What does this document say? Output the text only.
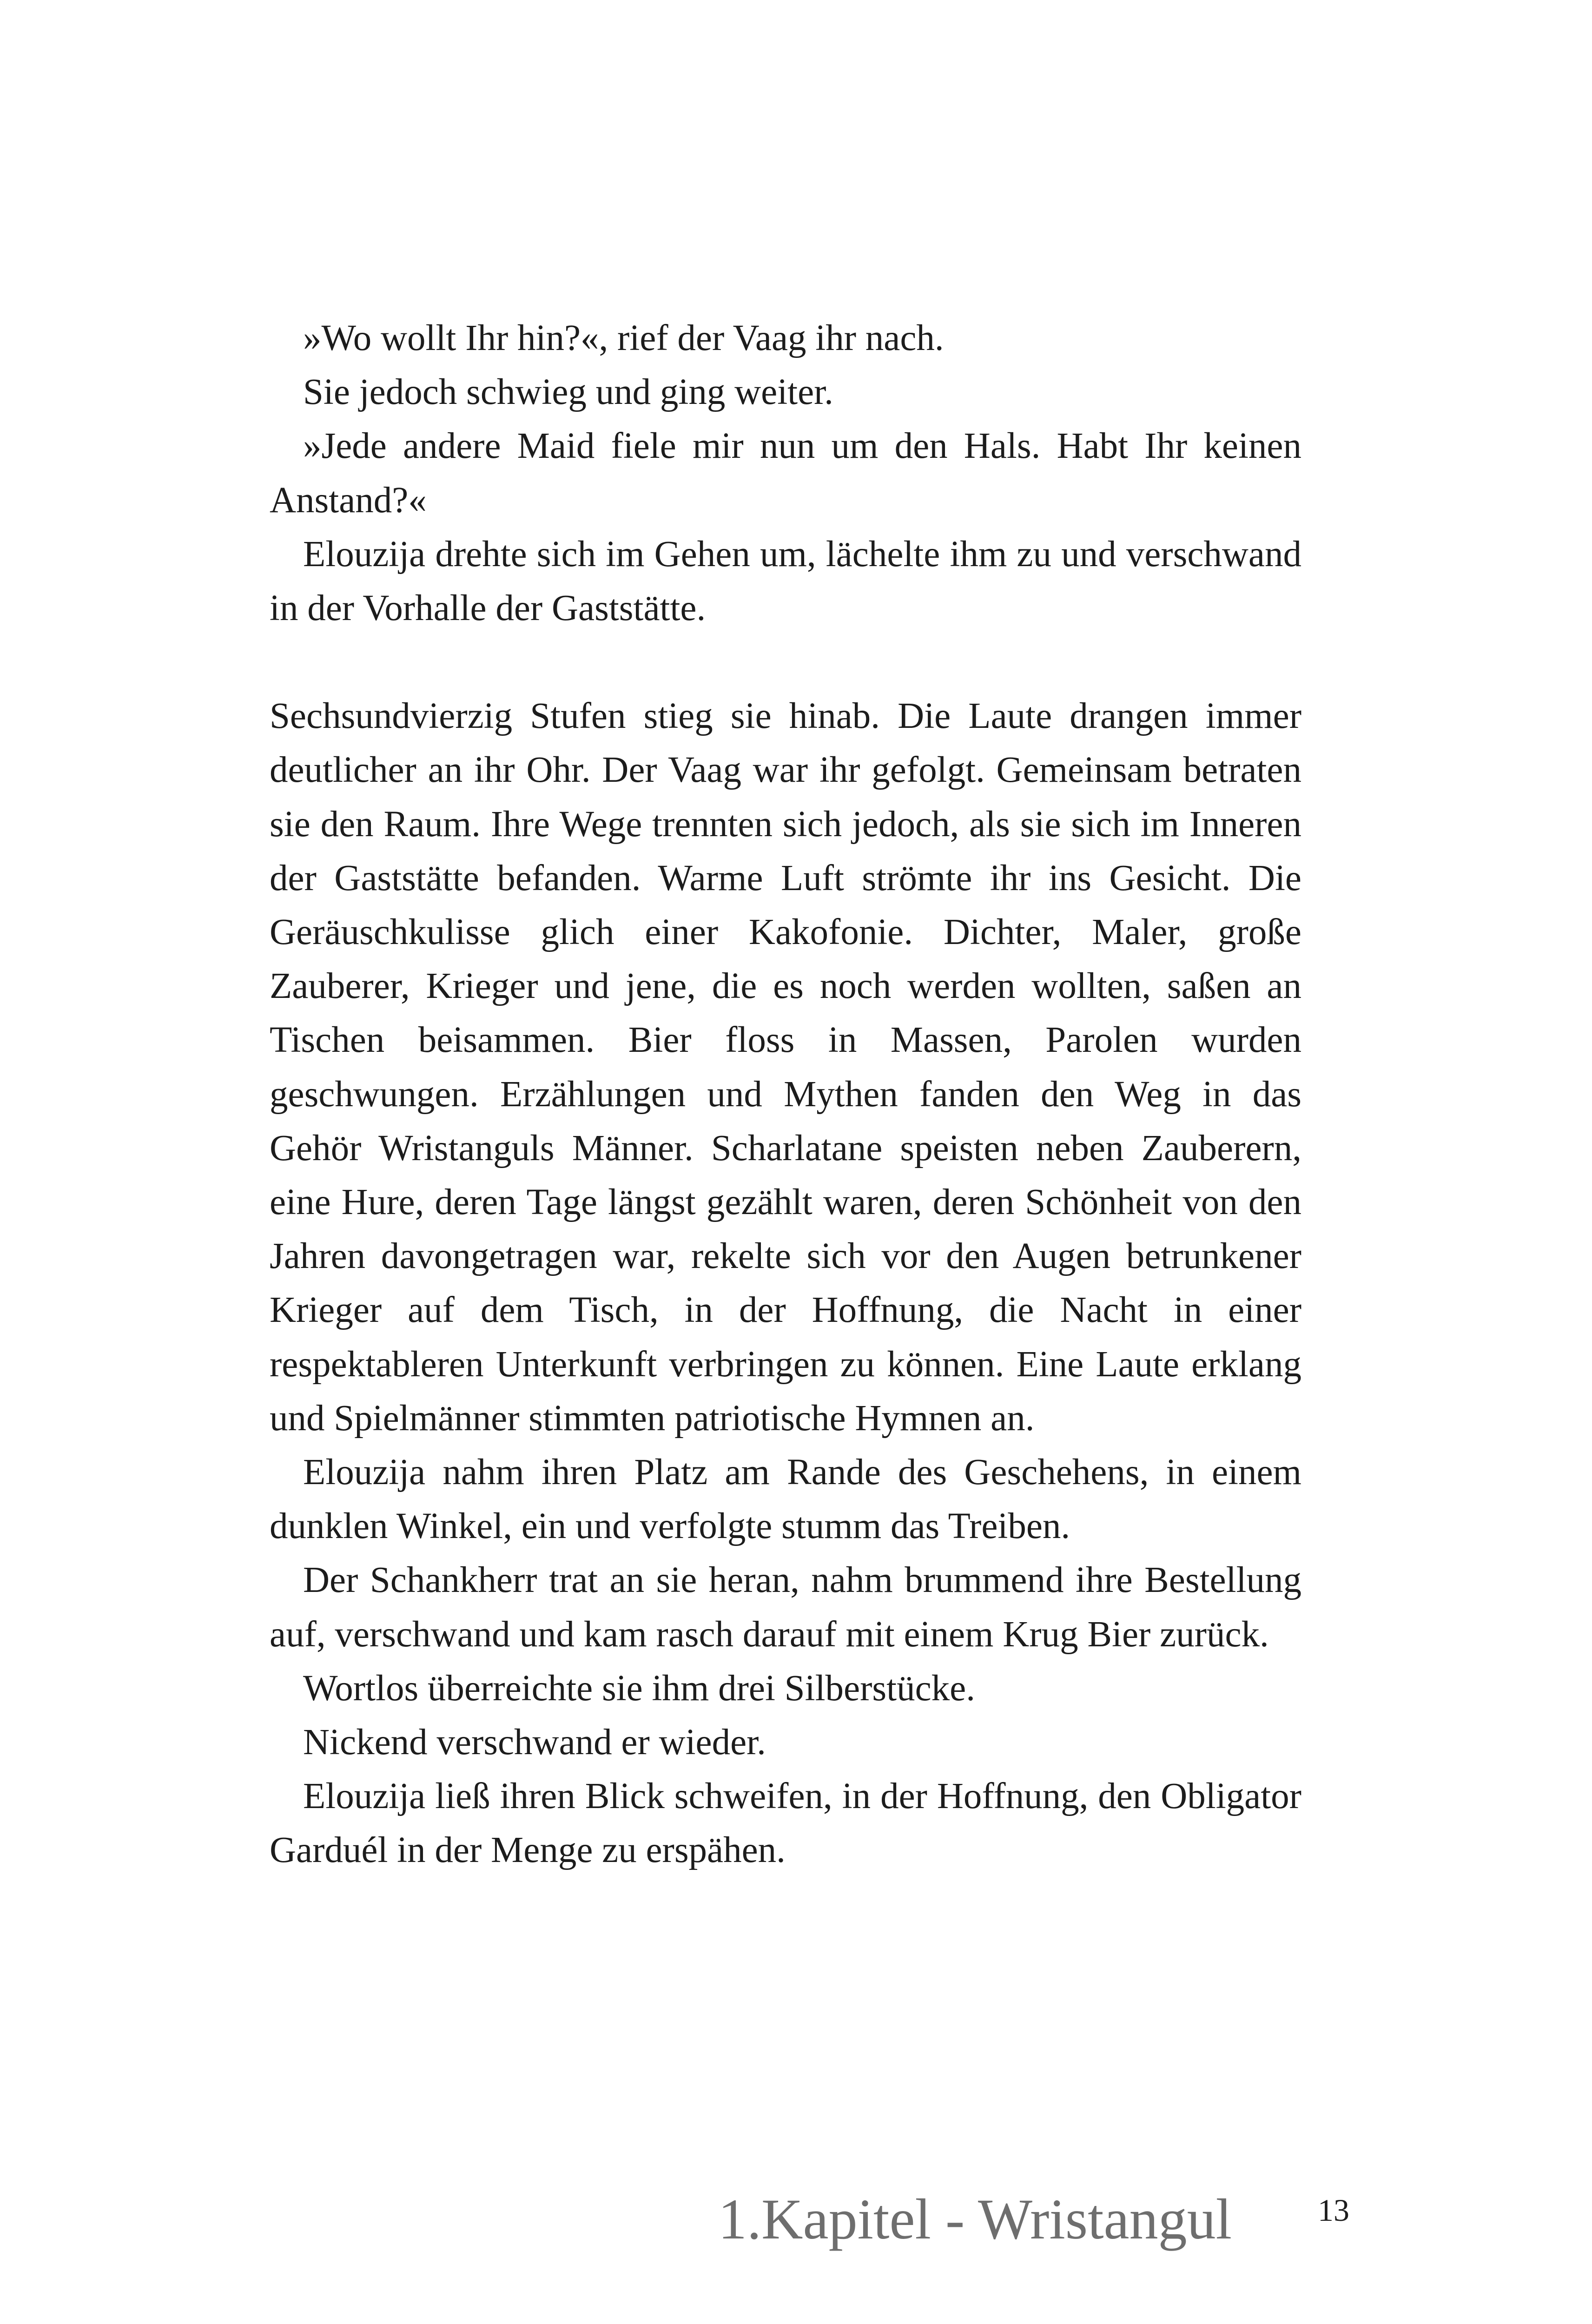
»Wo wollt Ihr hin?«, rief der Vaag ihr nach.

Sie jedoch schwieg und ging weiter.

»Jede andere Maid fiele mir nun um den Hals. Habt Ihr keinen Anstand?«

Elouzija drehte sich im Gehen um, lächelte ihm zu und verschwand in der Vorhalle der Gaststätte.

Sechsundvierzig Stufen stieg sie hinab. Die Laute drangen immer deutlicher an ihr Ohr. Der Vaag war ihr gefolgt. Gemeinsam betraten sie den Raum. Ihre Wege trennten sich jedoch, als sie sich im Inneren der Gaststätte befanden. Warme Luft strömte ihr ins Gesicht. Die Geräuschkulisse glich einer Kakofonie. Dichter, Maler, große Zauberer, Krieger und jene, die es noch werden wollten, saßen an Tischen beisammen. Bier floss in Massen, Parolen wurden geschwungen. Erzählungen und Mythen fanden den Weg in das Gehör Wristanguls Männer. Scharlatane speisten neben Zauberern, eine Hure, deren Tage längst gezählt waren, deren Schönheit von den Jahren davongetragen war, rekelte sich vor den Augen betrunkener Krieger auf dem Tisch, in der Hoffnung, die Nacht in einer respektableren Unterkunft verbringen zu können. Eine Laute erklang und Spielmänner stimmten patriotische Hymnen an.

Elouzija nahm ihren Platz am Rande des Geschehens, in einem dunklen Winkel, ein und verfolgte stumm das Treiben.

Der Schankherr trat an sie heran, nahm brummend ihre Bestellung auf, verschwand und kam rasch darauf mit einem Krug Bier zurück.

Wortlos überreichte sie ihm drei Silberstücke.

Nickend verschwand er wieder.

Elouzija ließ ihren Blick schweifen, in der Hoffnung, den Obligator Garduél in der Menge zu erspähen.

1.Kapitel - Wristangul	13
